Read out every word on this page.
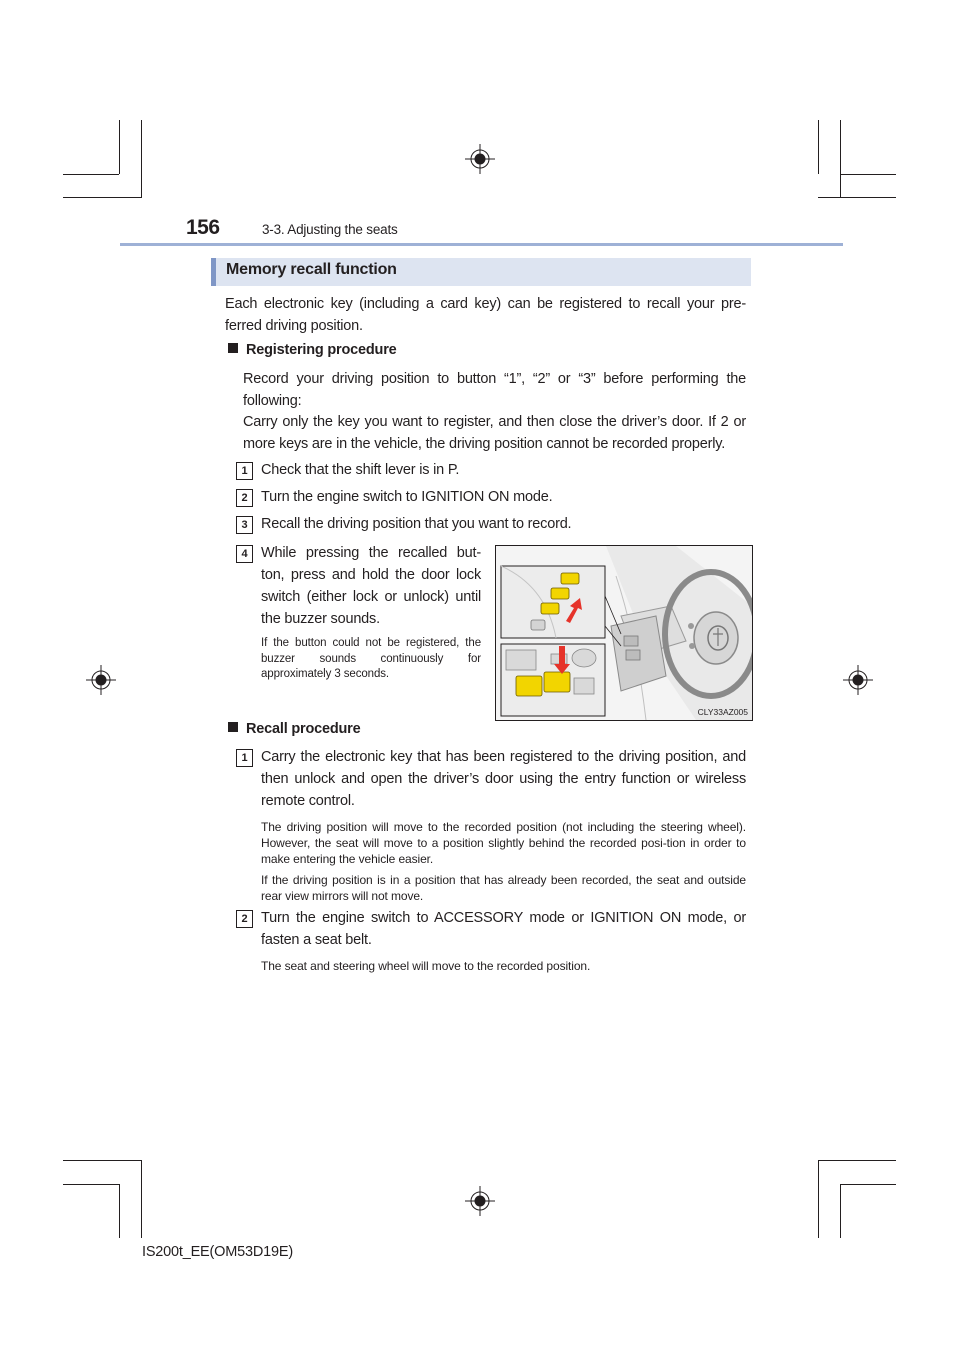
156	3-3. Adjusting the seats
Memory recall function
Each electronic key (including a card key) can be registered to recall your pre-ferred driving position.
Registering procedure
Record your driving position to button “1”, “2” or “3” before performing the following:
Carry only the key you want to register, and then close the driver’s door. If 2 or more keys are in the vehicle, the driving position cannot be recorded properly.
1 Check that the shift lever is in P.
2 Turn the engine switch to IGNITION ON mode.
3 Recall the driving position that you want to record.
4 While pressing the recalled but-ton, press and hold the door lock switch (either lock or unlock) until the buzzer sounds.
If the button could not be registered, the buzzer sounds continuously for approximately 3 seconds.
CLY33AZ005
Recall procedure
1 Carry the electronic key that has been registered to the driving position, and then unlock and open the driver’s door using the entry function or wireless remote control.
The driving position will move to the recorded position (not including the steering wheel). However, the seat will move to a position slightly behind the recorded posi-tion in order to make entering the vehicle easier.
If the driving position is in a position that has already been recorded, the seat and outside rear view mirrors will not move.
2 Turn the engine switch to ACCESSORY mode or IGNITION ON mode, or fasten a seat belt.
The seat and steering wheel will move to the recorded position.
IS200t_EE(OM53D19E)
